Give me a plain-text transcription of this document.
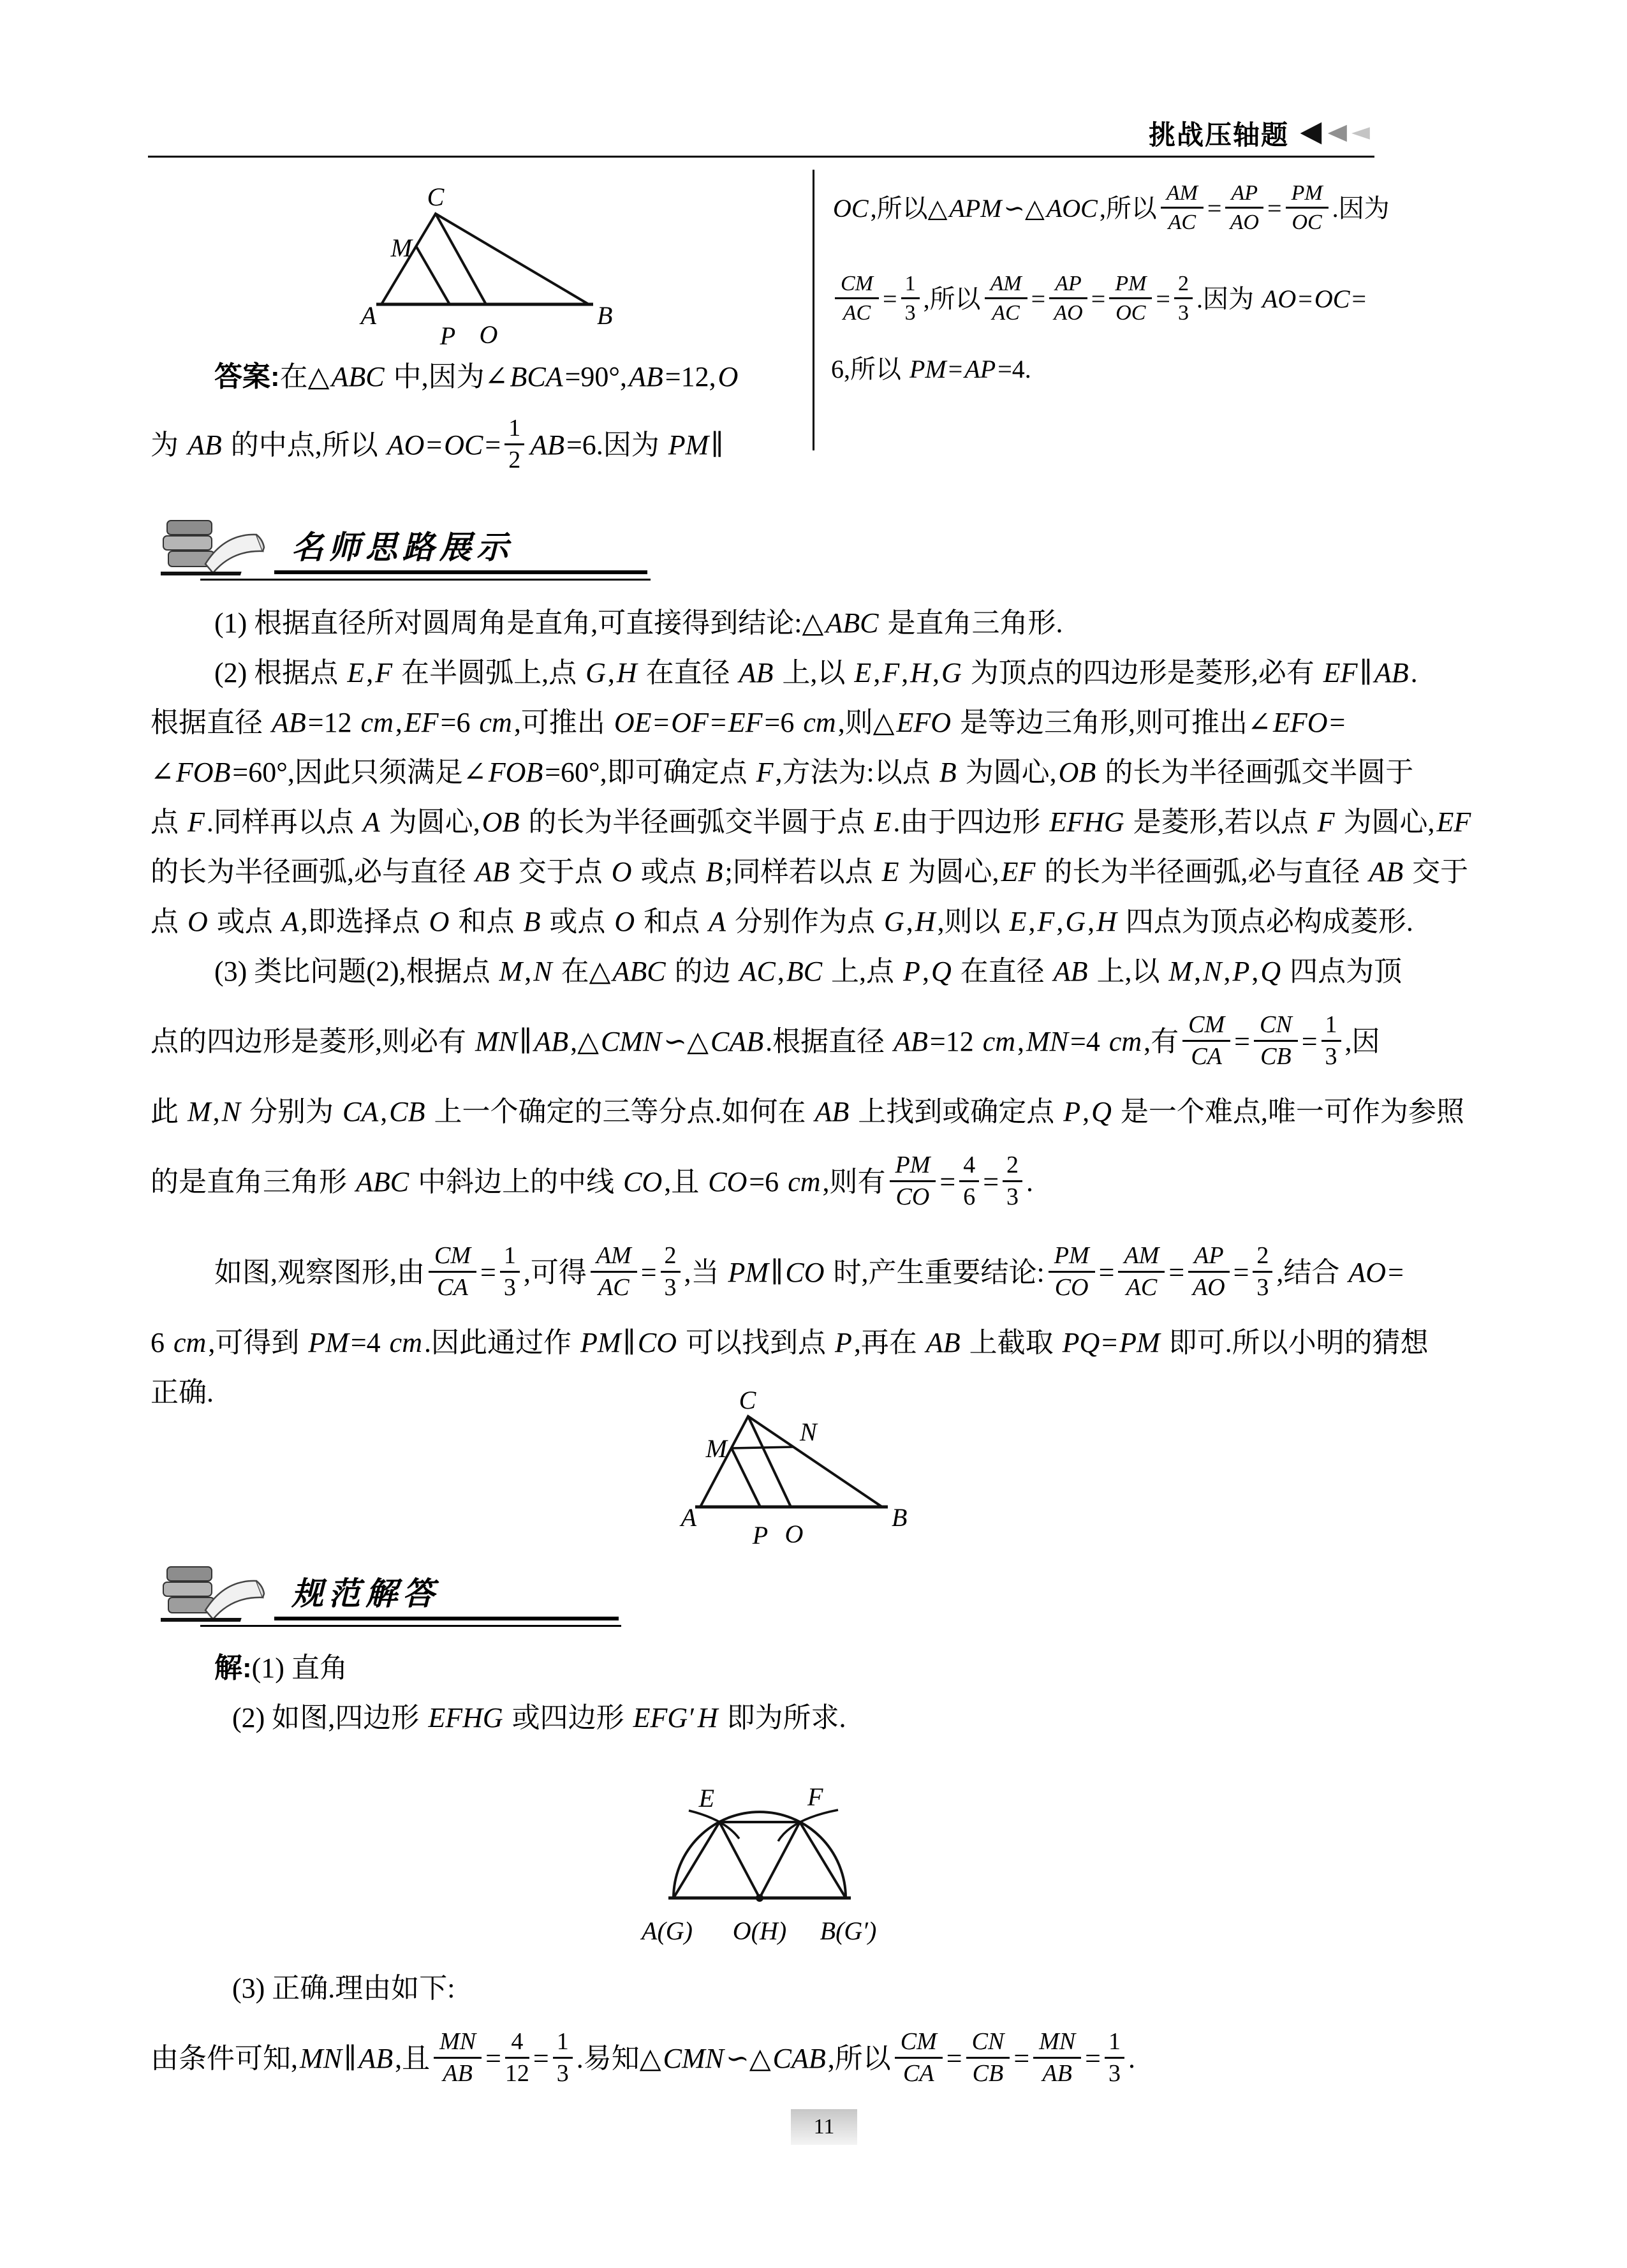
挑战压轴题
C
M
A
P O
B
答案:在△ABC 中,因为∠BCA=90°,AB=12,O
为 AB 的中点,所以 $AO=OC= \frac{1}{2} AB=6$.因为 PM∥
OC,所以△APM∽△AOC,所以 $\frac{AM}{AC} = \frac{AP}{AO} = \frac{PM}{OC}$ .因为
$\frac{CM}{AC} = \frac{1}{3}$ ,所以 $\frac{AM}{AC} = \frac{AP}{AO} = \frac{PM}{OC} = \frac{2}{3}$ .因为 AO=OC=
6,所以 PM=AP=4.
名师思路展示
(1) 根据直径所对圆周角是直角,可直接得到结论:△ABC 是直角三角形.
(2) 根据点 E,F 在半圆弧上,点 G,H 在直径 AB 上,以 E,F,H,G 为顶点的四边形是菱形,必有 EF∥AB.
根据直径 AB=12 cm,EF=6 cm,可推出 OE=OF=EF=6 cm,则△EFO 是等边三角形,则可推出∠EFO=
∠FOB=60°,因此只须满足∠FOB=60°,即可确定点 F,方法为:以点 B 为圆心,OB 的长为半径画弧交半圆于
点 F.同样再以点 A 为圆心,OB 的长为半径画弧交半圆于点 E.由于四边形 EFHG 是菱形,若以点 F 为圆心,EF
的长为半径画弧,必与直径 AB 交于点 O 或点 B;同样若以点 E 为圆心,EF 的长为半径画弧,必与直径 AB 交于
点 O 或点 A,即选择点 O 和点 B 或点 O 和点 A 分别作为点 G,H,则以 E,F,G,H 四点为顶点必构成菱形.
(3) 类比问题(2),根据点 M,N 在△ABC 的边 AC,BC 上,点 P,Q 在直径 AB 上,以 M,N,P,Q 四点为顶
点的四边形是菱形,则必有 MN∥AB,△CMN∽△CAB.根据直径 AB=12 cm,MN=4 cm,有 $\frac{CM}{CA} = \frac{CN}{CB} = \frac{1}{3}$ ,因
此 M,N 分别为 CA,CB 上一个确定的三等分点.如何在 AB 上找到或确定点 P,Q 是一个难点,唯一可作为参照
的是直角三角形 ABC 中斜边上的中线 CO,且 CO=6 cm,则有 $\frac{PM}{CO} = \frac{4}{6} = \frac{2}{3}$ .
如图,观察图形,由 $\frac{CM}{CA} = \frac{1}{3}$ ,可得 $\frac{AM}{AC} = \frac{2}{3}$ ,当 PM∥CO 时,产生重要结论: $\frac{PM}{CO} = \frac{AM}{AC} = \frac{AP}{AO} = \frac{2}{3}$ ,结合 AO=
6 cm,可得到 PM=4 cm.因此通过作 PM∥CO 可以找到点 P,再在 AB 上截取 PQ=PM 即可.所以小明的猜想
正确.	C
M
N
A
P O
B
规范解答
解:(1) 直角
(2) 如图,四边形 EFHG 或四边形 EFG′ H 即为所求.
E	F
A(G) O(H) B(G′)
(3) 正确.理由如下:
由条件可知,MN∥AB,且 $\frac{MN}{AB} = \frac{4}{12} = \frac{1}{3}$ .易知△CMN∽△CAB,所以 $\frac{CM}{CA} = \frac{CN}{CB} = \frac{MN}{AB} = \frac{1}{3}$ .
11
